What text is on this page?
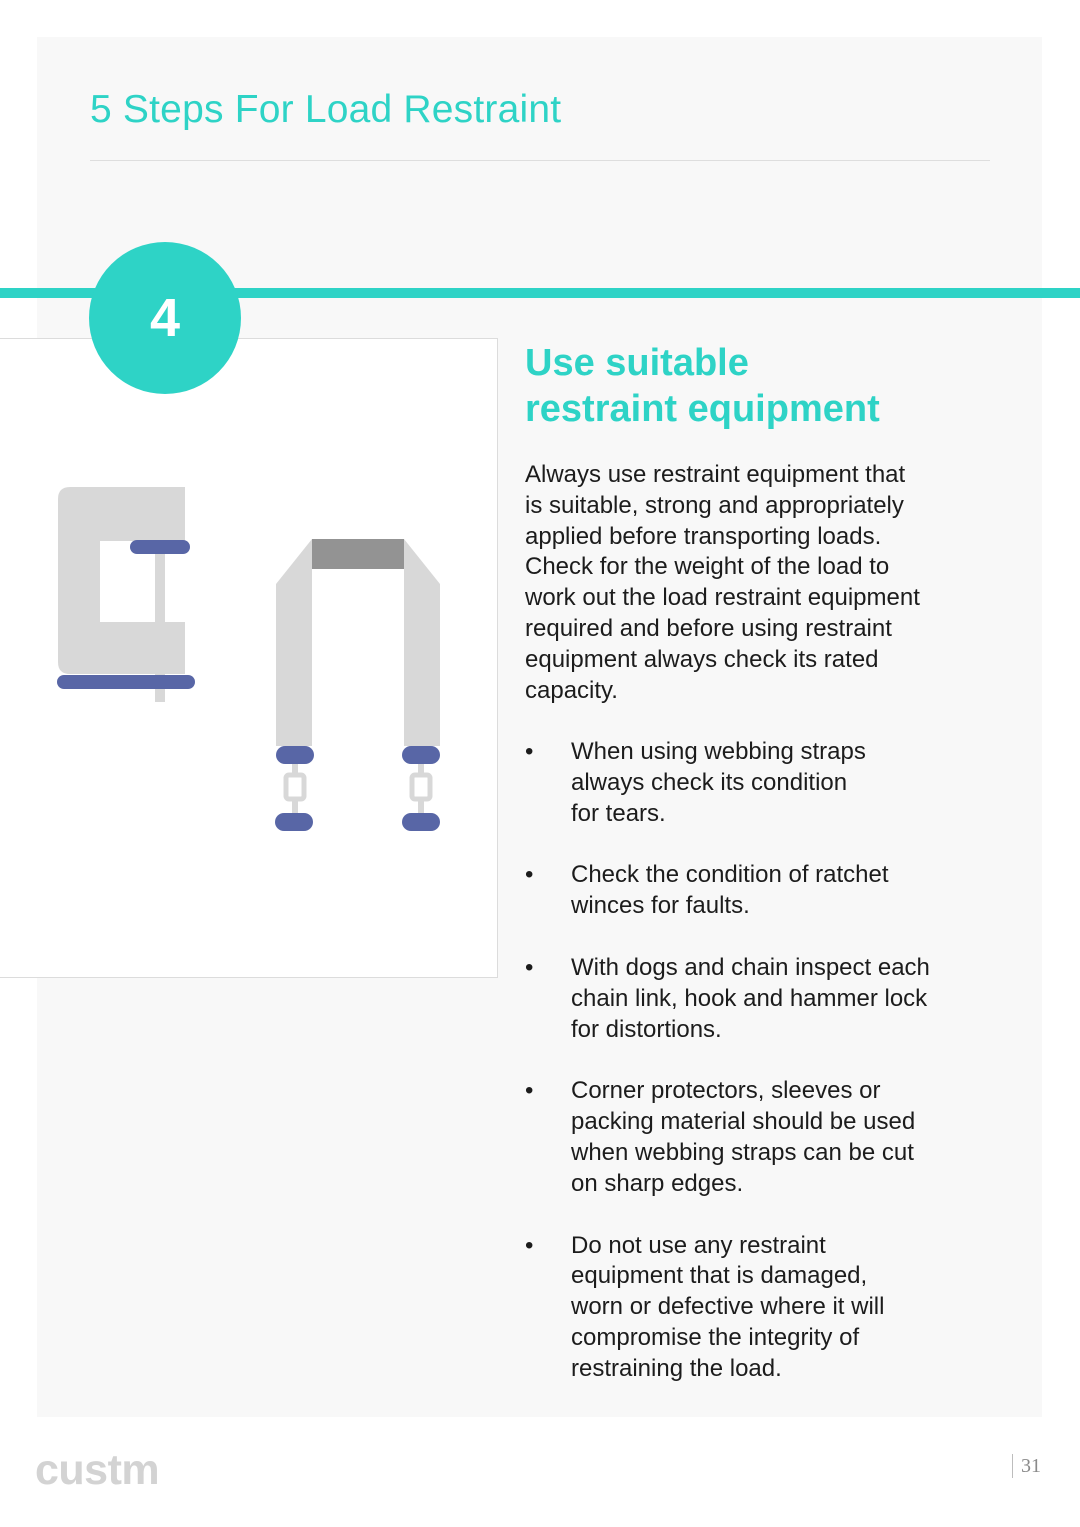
5 Steps For Load Restraint
4
Use suitable
restraint equipment

Always use restraint equipment that
is suitable, strong and appropriately
applied before transporting loads.
Check for the weight of the load to
work out the load restraint equipment
required and before using restraint
equipment always check its rated
capacity.

• When using webbing straps
always check its condition
for tears.
• Check the condition of ratchet
winces for faults.
• With dogs and chain inspect each
chain link, hook and hammer lock
for distortions.
• Corner protectors, sleeves or
packing material should be used
when webbing straps can be cut
on sharp edges.
• Do not use any restraint
equipment that is damaged,
worn or defective where it will
compromise the integrity of
restraining the load.
custm	31
